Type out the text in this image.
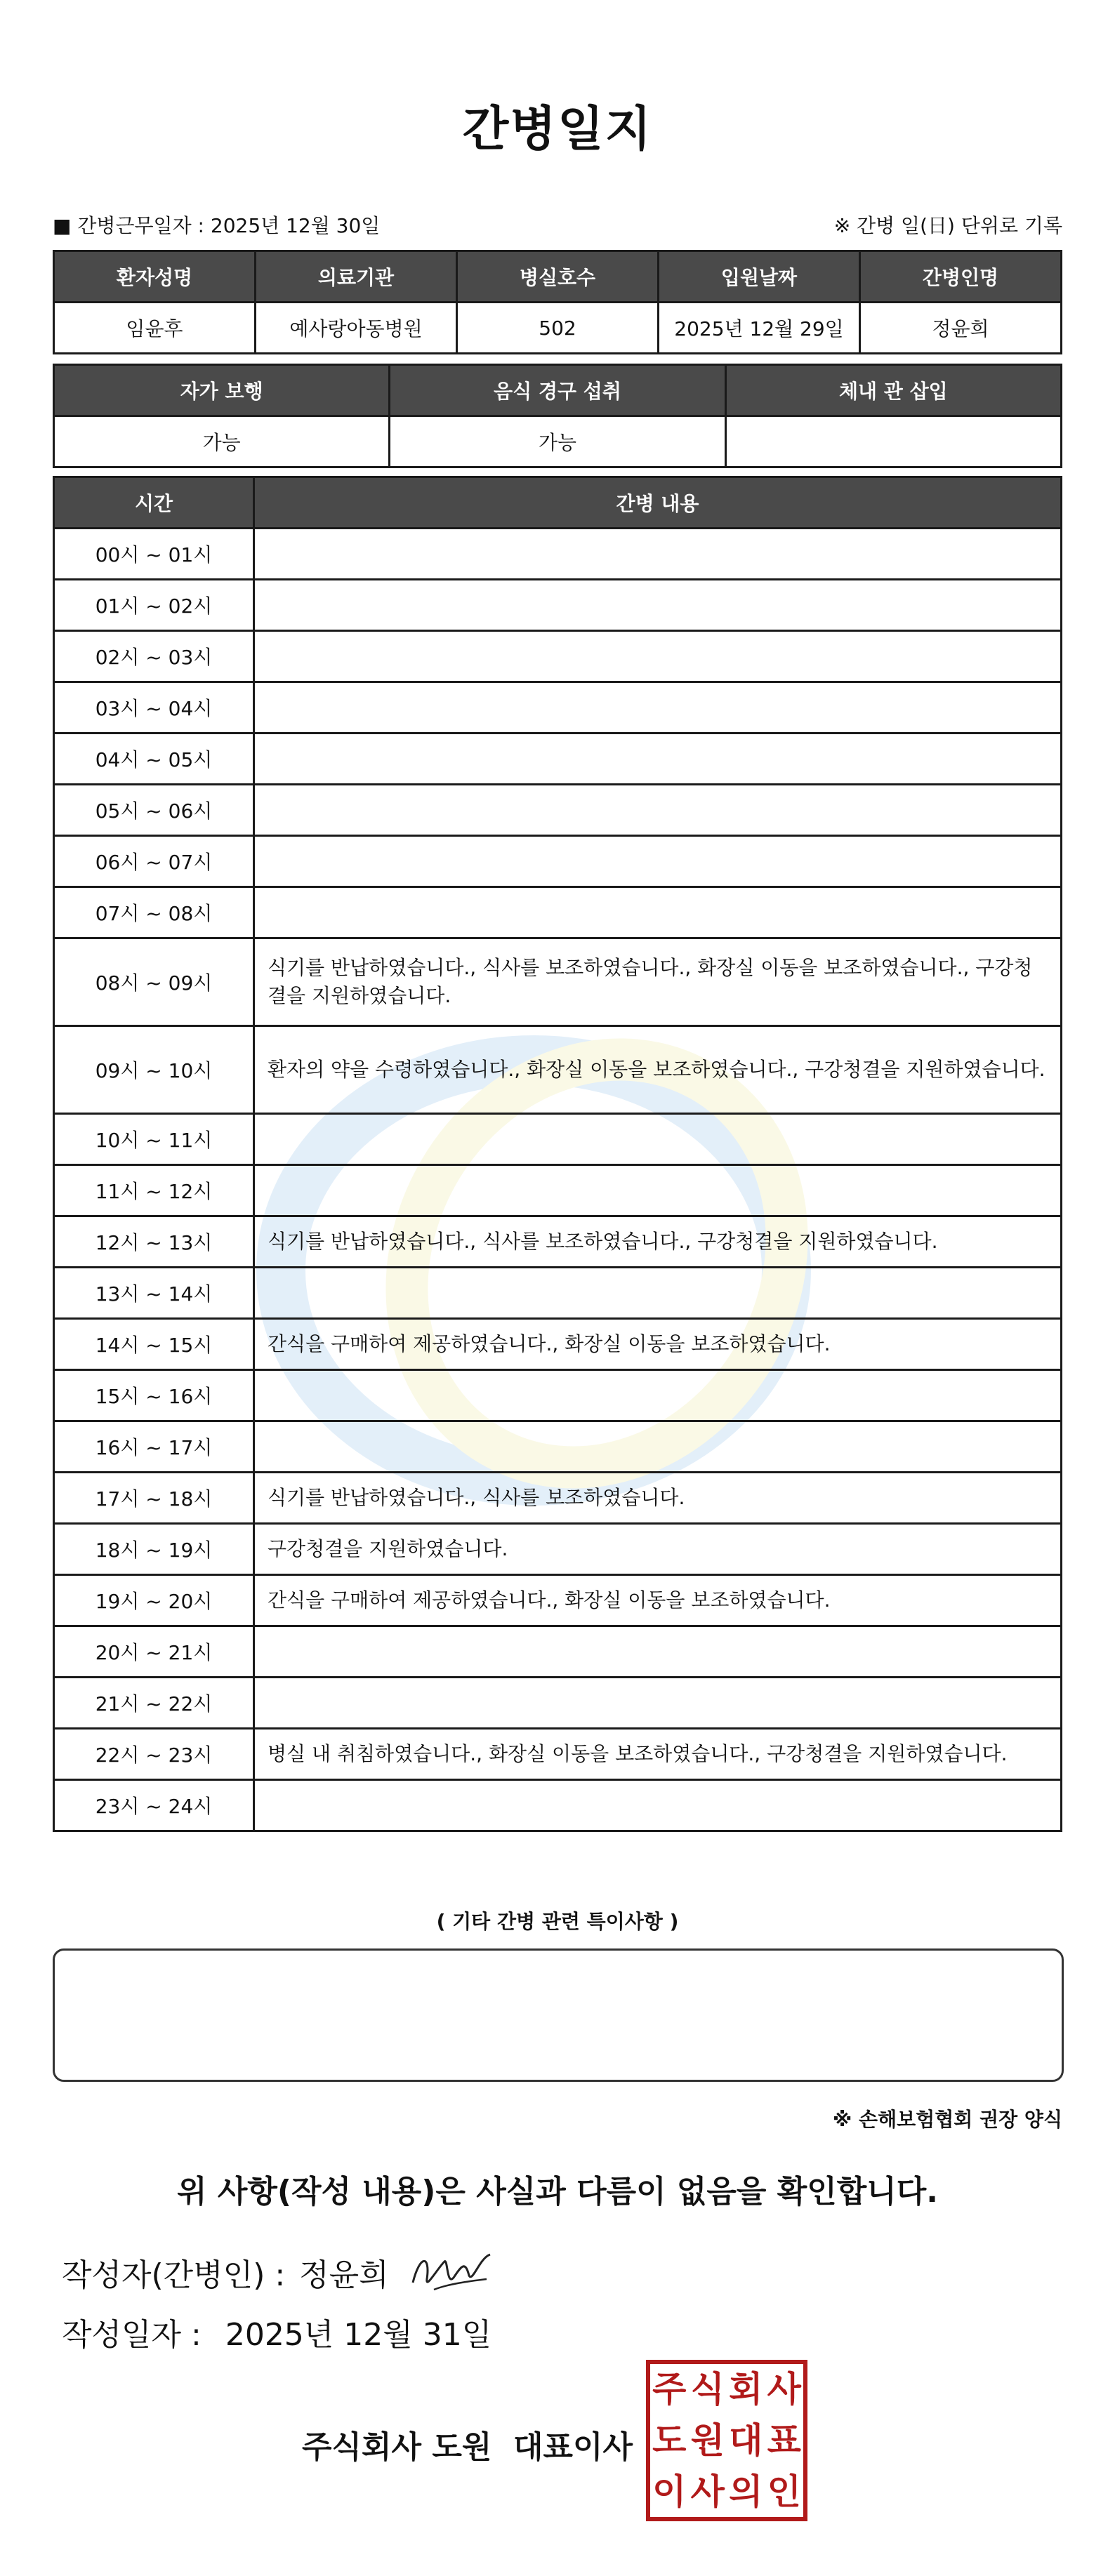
간병일지
■ 간병근무일자 : 2025년 12월 30일	※ 간병 일(日) 단위로 기록
환자성명	의료기관	병실호수	입원날짜	간병인명
임윤후	예사랑아동병원	502	2025년 12월 29일	정윤희
자가 보행	음식 경구 섭취	체내 관 삽입
가능	가능	
시간	간병 내용
00시 ~ 01시	
01시 ~ 02시	
02시 ~ 03시	
03시 ~ 04시	
04시 ~ 05시	
05시 ~ 06시	
06시 ~ 07시	
07시 ~ 08시	
08시 ~ 09시	식기를 반납하였습니다., 식사를 보조하였습니다., 화장실 이동을 보조하였습니다., 구강청결을 지원하였습니다.
09시 ~ 10시	환자의 약을 수령하였습니다., 화장실 이동을 보조하였습니다., 구강청결을 지원하였습니다.
10시 ~ 11시	
11시 ~ 12시	
12시 ~ 13시	식기를 반납하였습니다., 식사를 보조하였습니다., 구강청결을 지원하였습니다.
13시 ~ 14시	
14시 ~ 15시	간식을 구매하여 제공하였습니다., 화장실 이동을 보조하였습니다.
15시 ~ 16시	
16시 ~ 17시	
17시 ~ 18시	식기를 반납하였습니다., 식사를 보조하였습니다.
18시 ~ 19시	구강청결을 지원하였습니다.
19시 ~ 20시	간식을 구매하여 제공하였습니다., 화장실 이동을 보조하였습니다.
20시 ~ 21시	
21시 ~ 22시	
22시 ~ 23시	병실 내 취침하였습니다., 화장실 이동을 보조하였습니다., 구강청결을 지원하였습니다.
23시 ~ 24시	
( 기타 간병 관련 특이사항 )
※ 손해보험협회 권장 양식
위 사항(작성 내용)은 사실과 다름이 없음을 확인합니다.
작성자(간병인) : 정윤희
작성일자 : 2025년 12월 31일
주식회사 도원  대표이사
주 식 회 사
도 원 대 표
이 사 의 인
